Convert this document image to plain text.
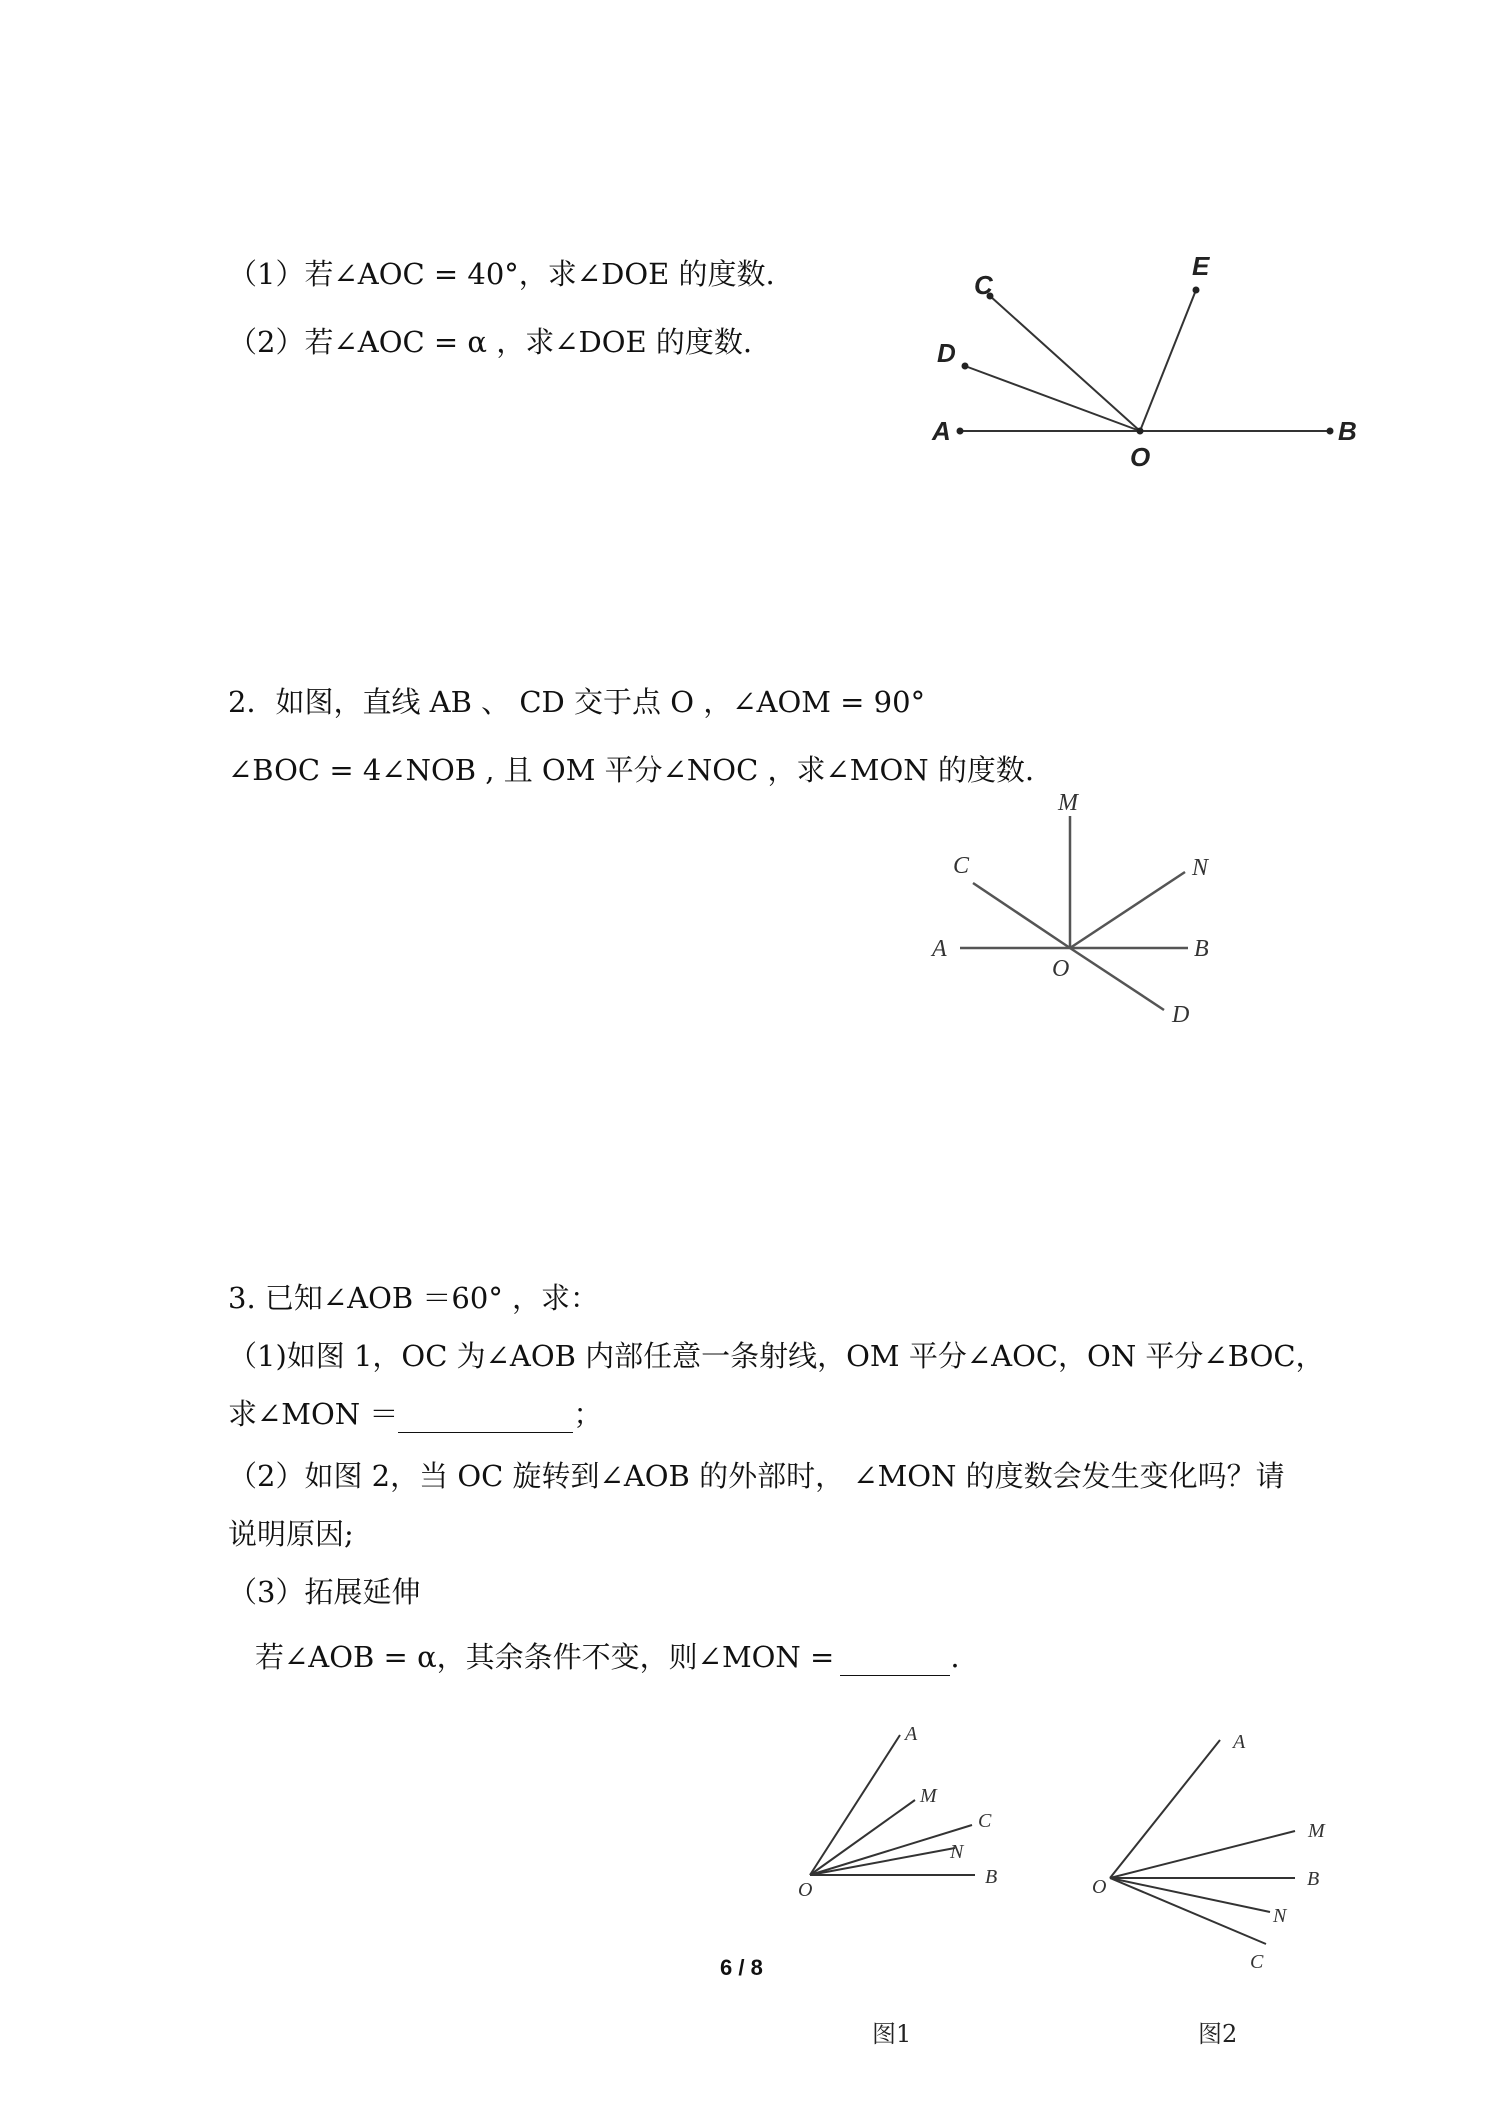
（1）若∠AOC = 40°，求∠DOE 的度数.
（2）若∠AOC = α ，求∠DOE 的度数.
C
E
D
A
O
B
2．如图，直线 AB 、 CD 交于点 O ，∠AOM = 90°
∠BOC = 4∠NOB , 且 OM 平分∠NOC ，求∠MON 的度数.
M
C	N
A
O
B
D
3. 已知∠AOB ＝60° ，求：
（1)如图 1，OC 为∠AOB 内部任意一条射线，OM 平分∠AOC，ON 平分∠BOC，
求∠MON ＝	；
（2）如图 2，当 OC 旋转到∠AOB 的外部时， ∠MON 的度数会发生变化吗？请
说明原因;
（3）拓展延伸
若∠AOB = α，其余条件不变，则∠MON =	.
A
M
C
N
O
B
A
M
B
N
O
C
图1	图2
6 / 8
